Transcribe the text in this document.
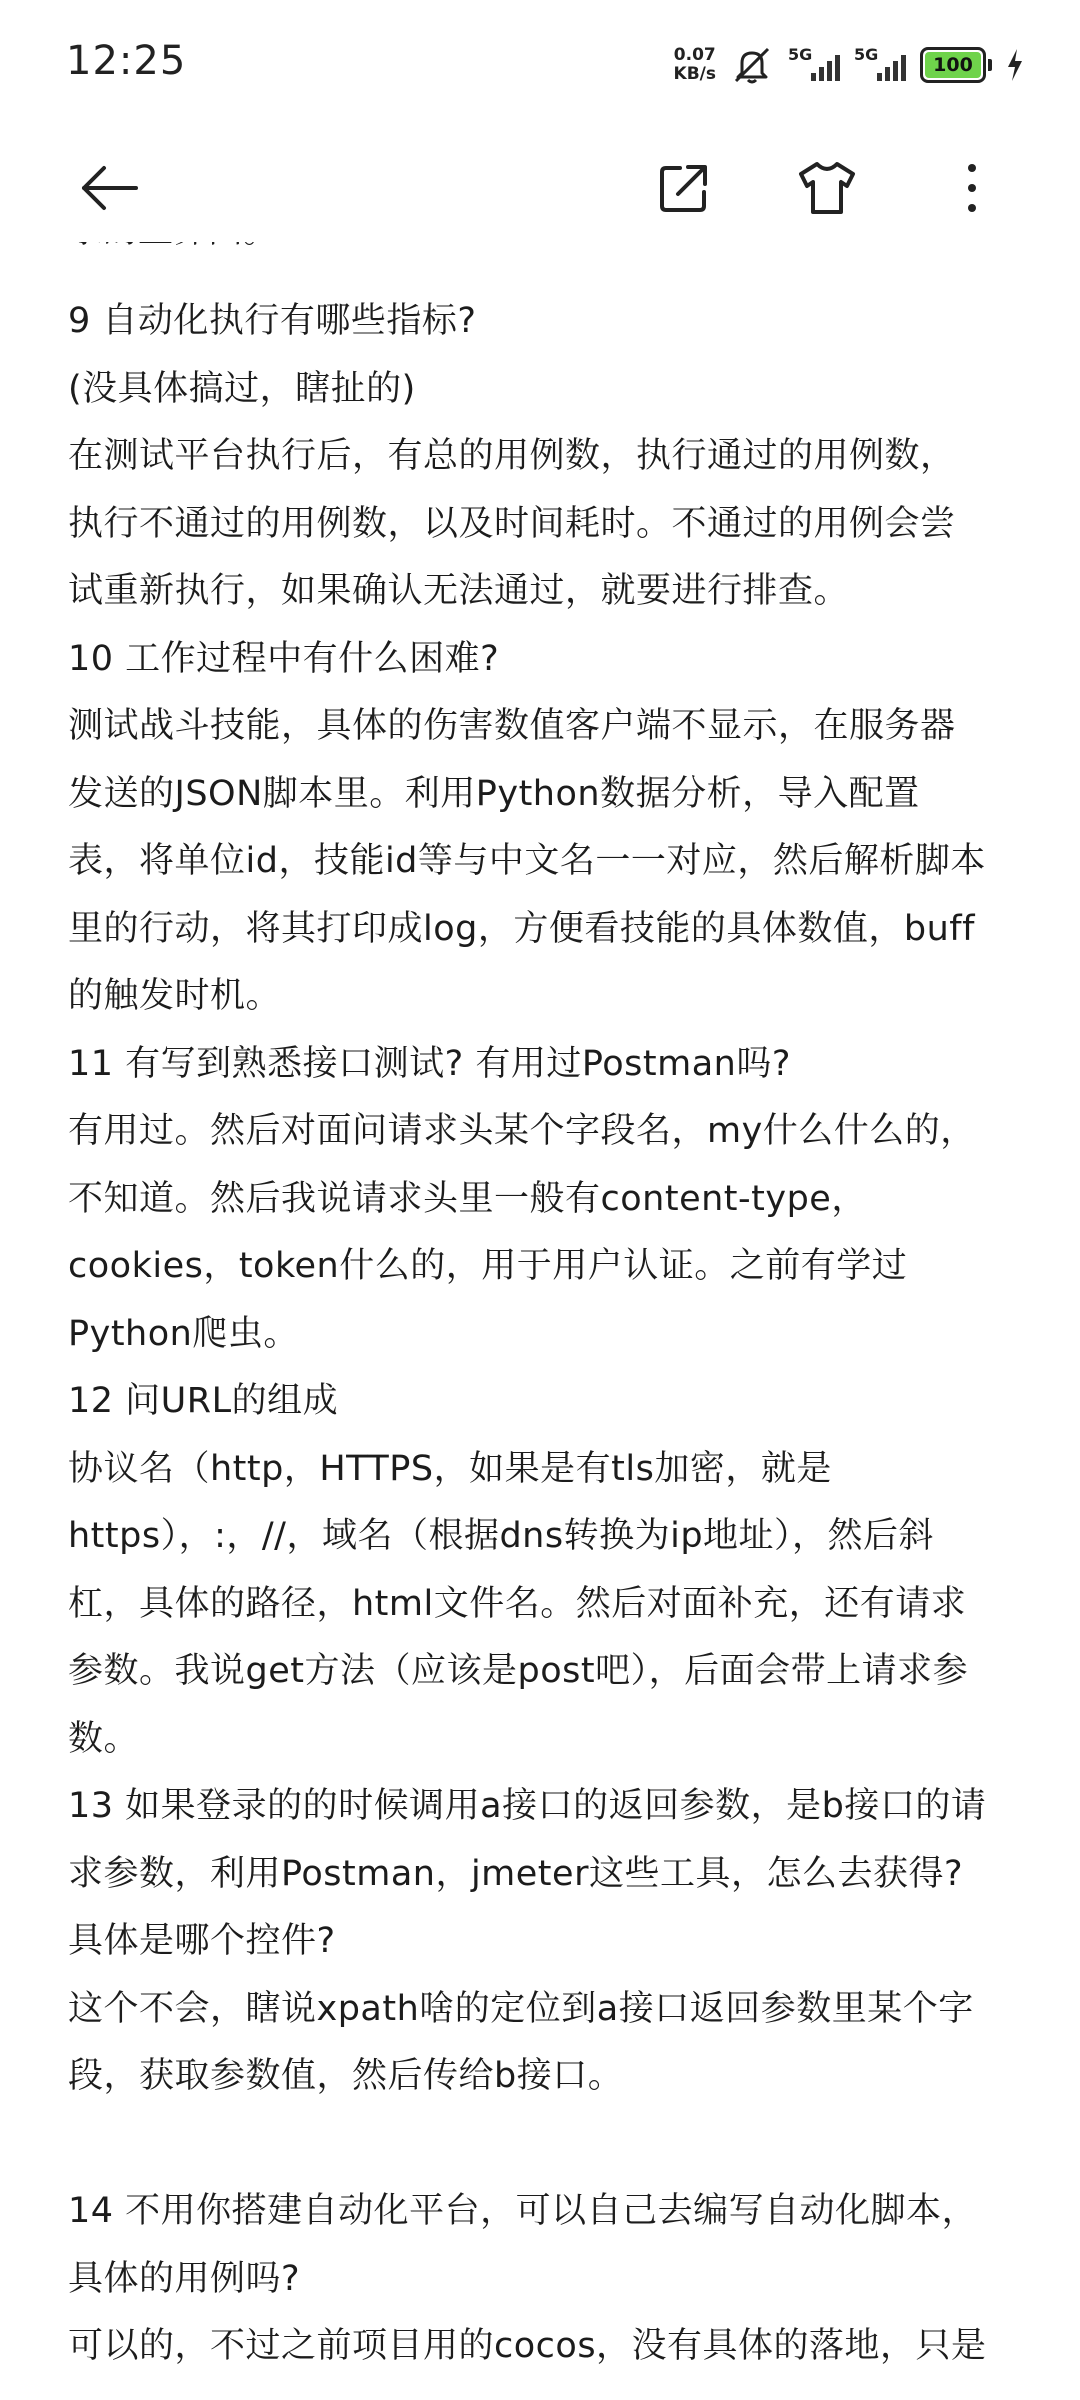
12:25	0.07
KB/s
5G	5G	100

9 自动化执行有哪些指标?

(没具体搞过，瞎扯的)

在测试平台执行后，有总的用例数，执行通过的用例数，

执行不通过的用例数，以及时间耗时。不通过的用例会尝

试重新执行，如果确认无法通过，就要进行排查。

10 工作过程中有什么困难?

测试战斗技能，具体的伤害数值客户端不显示，在服务器

发送的JSON脚本里。利用Python数据分析，导入配置

表，将单位id，技能id等与中文名一一对应，然后解析脚本

里的行动，将其打印成log，方便看技能的具体数值，buff

的触发时机。

11 有写到熟悉接口测试? 有用过Postman吗?

有用过。然后对面问请求头某个字段名，my什么什么的，

不知道。然后我说请求头里一般有content-type，

cookies，token什么的，用于用户认证。之前有学过

Python爬虫。

12 问URL的组成

协议名（http，HTTPS，如果是有tls加密，就是

https），:，//，域名（根据dns转换为ip地址），然后斜

杠，具体的路径，html文件名。然后对面补充，还有请求

参数。我说get方法（应该是post吧），后面会带上请求参

数。

13 如果登录的的时候调用a接口的返回参数，是b接口的请

求参数，利用Postman，jmeter这些工具，怎么去获得?

具体是哪个控件?

这个不会，瞎说xpath啥的定位到a接口返回参数里某个字

段，获取参数值，然后传给b接口。

14 不用你搭建自动化平台，可以自己去编写自动化脚本，

具体的用例吗?

可以的，不过之前项目用的cocos，没有具体的落地，只是
